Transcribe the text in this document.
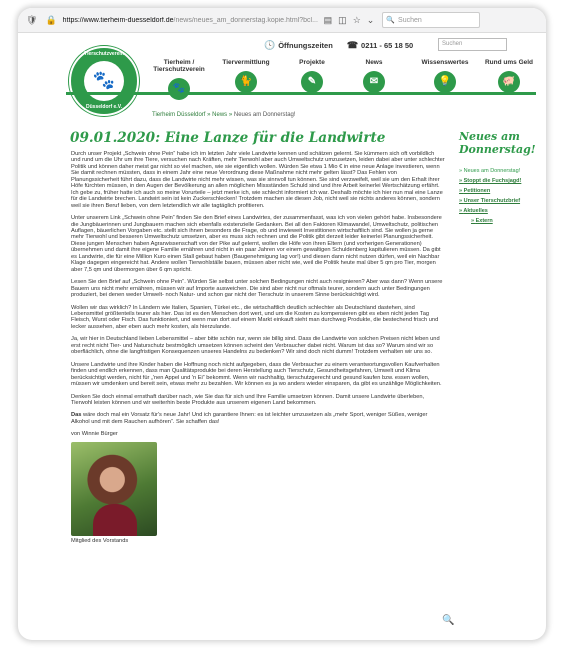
🛡 🔒 https://www.tierheim-duesseldorf.de/news/neues_am_donnerstag.kopie.html?bcl... ▤ ◫ ☆ ⌄ 🔍 Suchen
🕓 Öffnungszeiten ☎ 0211 - 65 18 50	Suchen
Tierschutzverein
🐾
Düsseldorf e.V.
Tierheim / Tierschutzverein
🐾
Tiervermittlung
🐈
Projekte
✎
News
✉
Wissenswertes
💡
Rund ums Geld
🐖
Tierheim Düsseldorf » News » Neues am Donnerstag!
09.01.2020: Eine Lanze für die Landwirte

Durch unser Projekt „Schwein ohne Pein“ habe ich im letzten Jahr viele Landwirte kennen und schätzen gelernt. Sie kümmern sich oft vorbildlich und rund um die Uhr um ihre Tiere, versuchen nach Kräften, mehr Tierwohl aber auch Umweltschutz umzusetzen, leiden dabei aber unter schlechter Politik und können daher meist gar nicht so viel machen, wie sie eigentlich wollen. Würden Sie etwa 1 Mio € in eine neue Anlage investieren, wenn Sie damit rechnen müssten, dass in einem Jahr eine neue Verordnung diese Maßnahme nicht mehr gelten lässt? Das Fehlen von Planungssicherheit führt dazu, dass die Landwirte nicht mehr wissen, was sie sinnvoll tun können. Sie sind verzweifelt, weil sie um den Erhalt ihrer Höfe fürchten müssen, in den Augen der Bevölkerung an allen möglichen Missständen Schuld sind und ihre Arbeit keinerlei Wertschätzung erfährt. Ich gebe zu, früher hatte ich auch so meine Vorurteile – jetzt merke ich, wie schlecht informiert ich war. Deshalb möchte ich hier nun mal eine Lanze für die Landwirte brechen. Landwirt sein ist kein Zuckerschlecken! Trotzdem machen sie diesen Job, nicht weil sie nichts anderes können, sondern weil sie ihren Beruf lieben, von dem letztendlich wir alle tagtäglich profitieren.

Unter unserem Link „Schwein ohne Pein“ finden Sie den Brief eines Landwirtes, der zusammenfasst, was ich von vielen gehört habe. Insbesondere die Jungbäuerinnen und Jungbauern machen sich ebenfalls existenzielle Gedanken. Bei all den Faktoren Klimawandel, Umweltschutz, politischen Auflagen, bäuerlichen Vorgaben etc. stellt sich ihnen besonders die Frage, ob und inwieweit Investitionen wirtschaftlich sind. Sie wollen ja gerne mehr Tierwohl und besseren Umweltschutz umsetzen, aber es muss sich rechnen und die Politik gibt derzeit leider keinerlei Planungssicherheit. Diese jungen Menschen haben Agrarwissenschaft von der Pike auf gelernt, wollen die Höfe von ihren Eltern (und vorherigen Generationen) übernehmen und damit ihre eigene Familie ernähren und nicht in ein paar Jahren vor einem gewaltigen Schuldenberg kapitulieren müssen. Da gibt es Landwirte, die für eine Million Kuro einen Stall gebaut haben (Baugenehmigung lag vor!) und diesen dann nicht nutzen dürfen, weil ein Nachbar Klage dagegen eingereicht hat. Andere wollen Tierwohlställe bauen, müssen aber nicht wie, weil die Politik heute mal über 5 qm pro Tier, morgen aber 7,5 qm und übermorgen über 6 qm spricht.

Lesen Sie den Brief auf „Schwein ohne Pein“. Würden Sie selbst unter solchen Bedingungen nicht auch resignieren? Aber was dann? Wenn unsere Bauern uns nicht mehr ernähren, müssen wir auf Importe ausweichen. Die sind aber nicht nur oftmals teurer, sondern auch unter Bedingungen produziert, bei denen weder Umwelt- noch Natur- und schon gar nicht der Tierschutz in unserem Sinne berücksichtigt wird.

Wollen wir das wirklich? In Ländern wie Italien, Spanien, Türkei etc., die wirtschaftlich deutlich schlechter als Deutschland dastehen, sind Lebensmittel größtenteils teurer als hier. Das ist es den Menschen dort wert, und um die Kosten zu kompensieren gibt es eben nicht jeden Tag Fleisch, Wurst oder Fisch. Das funktioniert, und wenn man dort auf einem Markt einkauft sieht man durchweg Produkte, die bestechend frisch und lecker aussehen, aber eben auch mehr kosten, als hierzulande.

Ja, wir hier in Deutschland lieben Lebensmittel – aber bitte schön nur, wenn sie billig sind. Dass die Landwirte von solchen Preisen nicht leben und erst recht nicht Tier- und Naturschutz bestmöglich umsetzen können scheint den Verbraucher dabei nicht. Warum ist das so? Warum sind wir so oberflächlich, ohne die langfristigen Konsequenzen unseres Handelns zu bedenken? Wir sind doch nicht dumm! Trotzdem verhalten wir uns so.

Unsere Landwirte und ihre Kinder haben die Hoffnung noch nicht aufgegeben, dass die Verbraucher zu einem verantwortungsvollen Kaufverhalten finden und endlich erkennen, dass man Qualitätsprodukte bei deren Herstellung auch Tierschutz, Gesundheitsgefahren, Umwelt und Klima berücksichtigt werden, nicht für „'nen Appel und 'n Ei“ bekommt. Wenn wir nachhaltig, tierschutzgerecht und gesund kaufen bzw. essen wollen, müssen wir umdenken und bereit sein, etwas mehr zu bezahlen. Wir können es ja wo anders wieder einsparen, da gibt es unzählige Möglichkeiten.

Denken Sie doch einmal ernsthaft darüber nach, wie Sie das für sich und Ihre Familie umsetzen können. Damit unsere Landwirte überleben, Tierwohl leisten können und wir weiterhin beste Produkte aus unserem eigenen Land bekommen.

Das wäre doch mal ein Vorsatz für's neue Jahr! Und ich garantiere Ihnen: es ist leichter umzusetzen als „mehr Sport, weniger Süßes, weniger Alkohol und mit dem Rauchen aufhören“. Sie schaffen das!

von Winnie Bürger

Mitglied des Vorstands
Neues am Donnerstag!
» Neues am Donnerstag!
» Stoppt die Fuchsjagd!
» Petitionen
» Unser Tierschutzbrief
» Aktuelles
» Extern
🔍
